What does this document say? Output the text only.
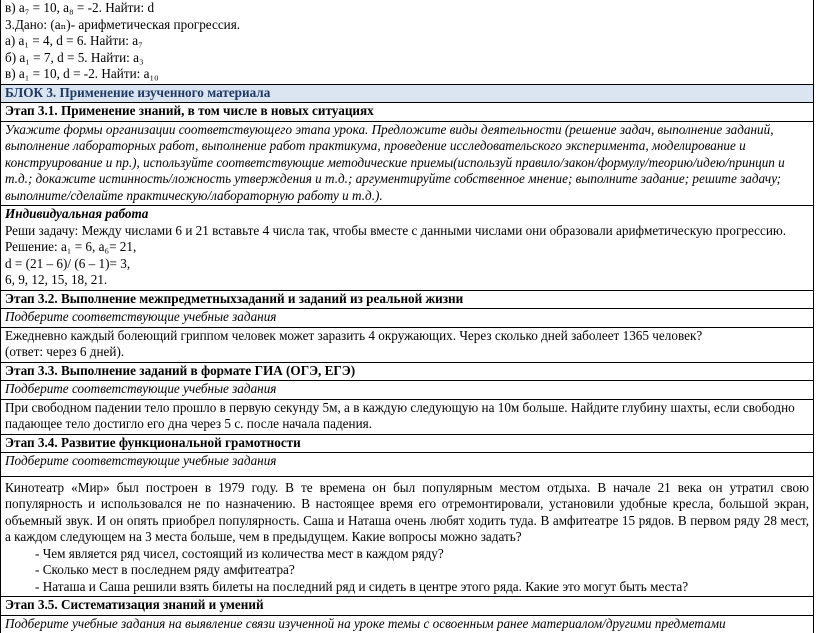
в) a₇ = 10, a₈ = -2. Найти: d
3.Дано: (aₙ)- арифметическая прогрессия.
а) a₁ = 4, d = 6. Найти: a₇
б) a₁ = 7, d = 5. Найти: a₃
в) a₁ = 10, d = -2. Найти: a₁₀
БЛОК 3. Применение изученного материала
Этап 3.1. Применение знаний, в том числе в новых ситуациях
Укажите формы организации соответствующего этапа урока. Предложите виды деятельности (решение задач, выполнение заданий, выполнение лабораторных работ, выполнение работ практикума, проведение исследовательского эксперимента, моделирование и конструирование и пр.), используйте соответствующие методические приемы(используй правило/закон/формулу/теорию/идею/принцип и т.д.; докажите истинность/ложность утверждения и т.д.; аргументируйте собственное мнение; выполните задание; решите задачу; выполните/сделайте практическую/лабораторную работу и т.д.).
Индивидуальная работа
Реши задачу: Между числами 6 и 21 вставьте 4 числа так, чтобы вместе с данными числами они образовали арифметическую прогрессию.
Решение: a₁ = 6, a₆= 21,
d = (21 – 6)/ (6 – 1)= 3,
6, 9, 12, 15, 18, 21.
Этап 3.2. Выполнение межпредметныхзаданий и заданий из реальной жизни
Подберите соответствующие учебные задания
Ежедневно каждый болеющий гриппом человек может заразить 4 окружающих. Через сколько дней заболеет 1365 человек?
(ответ: через 6 дней).
Этап 3.3. Выполнение заданий в формате ГИА (ОГЭ, ЕГЭ)
Подберите соответствующие учебные задания
При свободном падении тело прошло в первую секунду 5м, а в каждую следующую на 10м больше. Найдите глубину шахты, если свободно падающее тело достигло его дна через 5 с. после начала падения.
Этап 3.4. Развитие функциональной грамотности
Подберите соответствующие учебные задания
Кинотеатр «Мир» был построен в 1979 году. В те времена он был популярным местом отдыха. В начале 21 века он утратил свою популярность и использовался не по назначению. В настоящее время его отремонтировали, установили удобные кресла, большой экран, объемный звук. И он опять приобрел популярность. Саша и Наташа очень любят ходить туда. В амфитеатре 15 рядов. В первом ряду 28 мест, а каждом следующем на 3 места больше, чем в предыдущем. Какие вопросы можно задать?
- Чем является ряд чисел, состоящий из количества мест в каждом ряду?
- Сколько мест в последнем ряду амфитеатра?
- Наташа и Саша решили взять билеты на последний ряд и сидеть в центре этого ряда. Какие это могут быть места?
Этап 3.5. Систематизация знаний и умений
Подберите учебные задания на выявление связи изученной на уроке темы с освоенным ранее материалом/другими предметами
